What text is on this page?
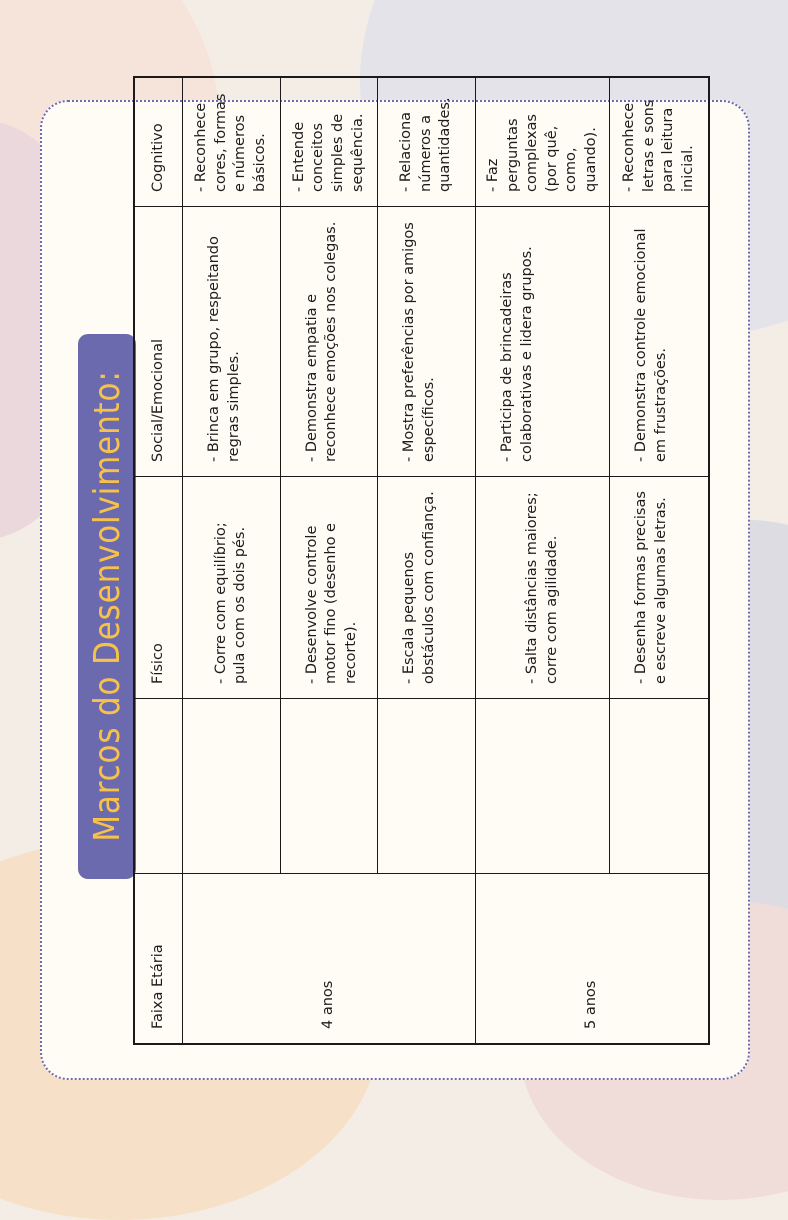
Marcos do Desenvolvimento:
Faixa Etária
Físico
Social/Emocional
Cognitivo
4 anos
- Corre com equilíbrio; pula com os dois pés.
- Brinca em grupo, respeitando regras simples.
- Reconhece cores, formas e números básicos.
- Desenvolve controle motor fino (desenho e recorte).
- Demonstra empatia e reconhece emoções nos colegas.
- Entende conceitos simples de sequência.
- Escala pequenos obstáculos com confiança.
- Mostra preferências por amigos específicos.
- Relaciona números a quantidades.
5 anos
- Salta distâncias maiores; corre com agilidade.
- Participa de brincadeiras colaborativas e lidera grupos.
- Faz perguntas complexas (por quê, como, quando).
- Desenha formas precisas e escreve algumas letras.
- Demonstra controle emocional em frustrações.
- Reconhece letras e sons para leitura inicial.
